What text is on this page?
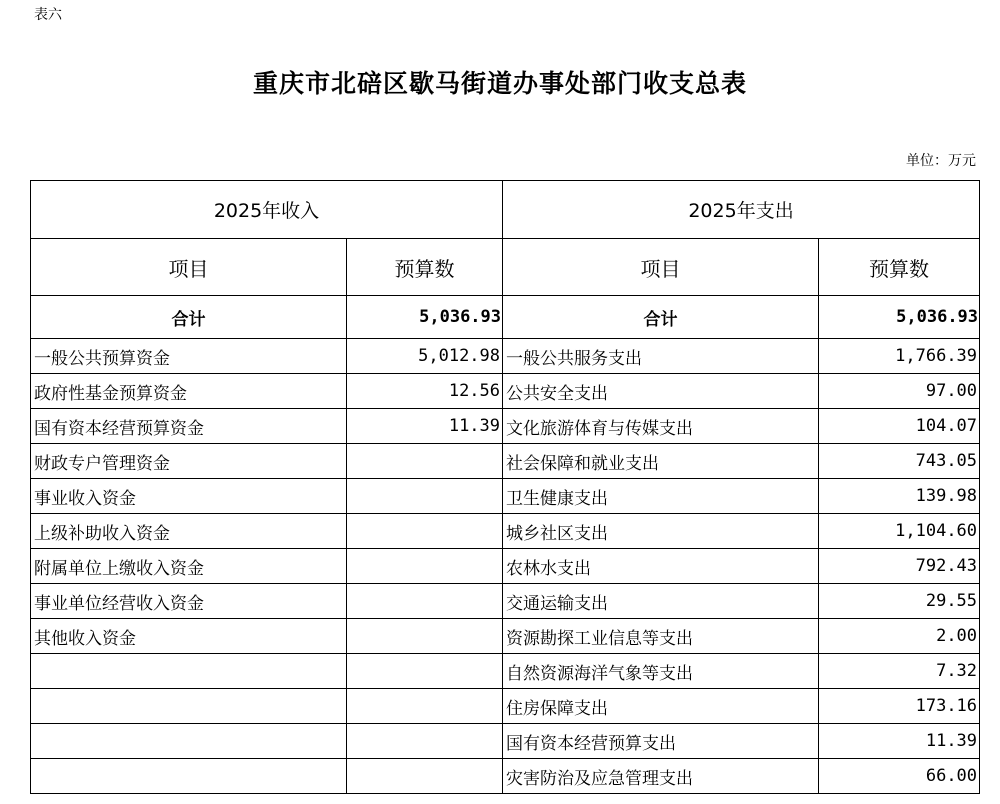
表六
重庆市北碚区歇马街道办事处部门收支总表
单位：万元
2025年收入		2025年支出	
项目	预算数	项目	预算数
合计	5,036.93	合计	5,036.93
一般公共预算资金	5,012.98	一般公共服务支出	1,766.39
政府性基金预算资金	12.56	公共安全支出	97.00
国有资本经营预算资金	11.39	文化旅游体育与传媒支出	104.07
财政专户管理资金		社会保障和就业支出	743.05
事业收入资金		卫生健康支出	139.98
上级补助收入资金		城乡社区支出	1,104.60
附属单位上缴收入资金		农林水支出	792.43
事业单位经营收入资金		交通运输支出	29.55
其他收入资金		资源勘探工业信息等支出	2.00
		自然资源海洋气象等支出	7.32
		住房保障支出	173.16
		国有资本经营预算支出	11.39
		灾害防治及应急管理支出	66.00
